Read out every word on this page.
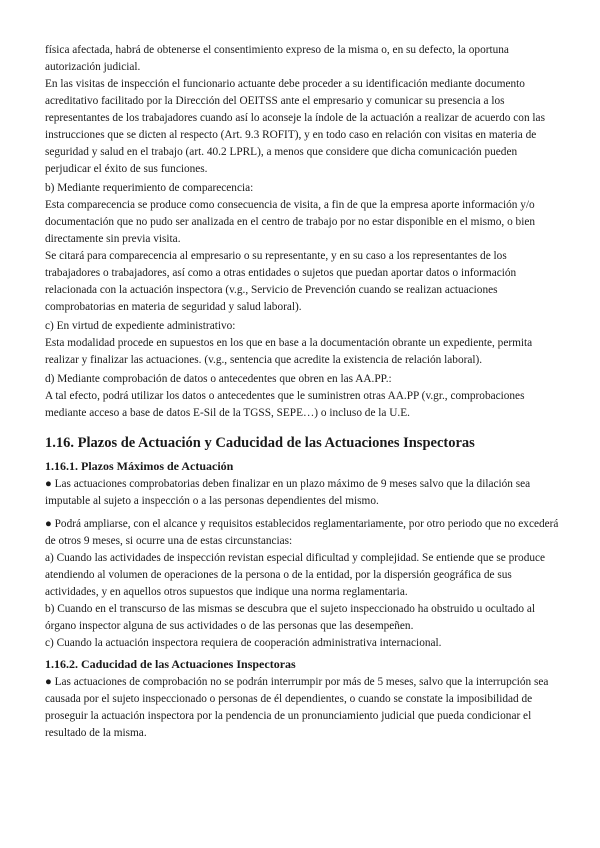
física afectada, habrá de obtenerse el consentimiento expreso de la misma o, en su defecto, la oportuna autorización judicial.

En las visitas de inspección el funcionario actuante debe proceder a su identificación mediante documento acreditativo facilitado por la Dirección del OEITSS ante el empresario y comunicar su presencia a los representantes de los trabajadores cuando así lo aconseje la índole de la actuación a realizar de acuerdo con las instrucciones que se dicten al respecto (Art. 9.3 ROFIT), y en todo caso en relación con visitas en materia de seguridad y salud en el trabajo (art. 40.2 LPRL), a menos que considere que dicha comunicación pueden perjudicar el éxito de sus funciones.

b) Mediante requerimiento de comparecencia:

Esta comparecencia se produce como consecuencia de visita, a fin de que la empresa aporte información y/o documentación que no pudo ser analizada en el centro de trabajo por no estar disponible en el mismo, o bien directamente sin previa visita.

Se citará para comparecencia al empresario o su representante, y en su caso a los representantes de los trabajadores o trabajadores, así como a otras entidades o sujetos que puedan aportar datos o información relacionada con la actuación inspectora (v.g., Servicio de Prevención cuando se realizan actuaciones comprobatorias en materia de seguridad y salud laboral).

c) En virtud de expediente administrativo:

Esta modalidad procede en supuestos en los que en base a la documentación obrante un expediente, permita realizar y finalizar las actuaciones. (v.g., sentencia que acredite la existencia de relación laboral).

d) Mediante comprobación de datos o antecedentes que obren en las AA.PP.:

A tal efecto, podrá utilizar los datos o antecedentes que le suministren otras AA.PP (v.gr., comprobaciones mediante acceso a base de datos E-Sil de la TGSS, SEPE…) o incluso de la U.E.

1.16. Plazos de Actuación y Caducidad de las Actuaciones Inspectoras
1.16.1. Plazos Máximos de Actuación

● Las actuaciones comprobatorias deben finalizar en un plazo máximo de 9 meses salvo que la dilación sea imputable al sujeto a inspección o a las personas dependientes del mismo.

● Podrá ampliarse, con el alcance y requisitos establecidos reglamentariamente, por otro periodo que no excederá de otros 9 meses, si ocurre una de estas circunstancias:

a) Cuando las actividades de inspección revistan especial dificultad y complejidad. Se entiende que se produce atendiendo al volumen de operaciones de la persona o de la entidad, por la dispersión geográfica de sus actividades, y en aquellos otros supuestos que indique una norma reglamentaria.

b) Cuando en el transcurso de las mismas se descubra que el sujeto inspeccionado ha obstruido u ocultado al órgano inspector alguna de sus actividades o de las personas que las desempeñen.

c) Cuando la actuación inspectora requiera de cooperación administrativa internacional.

1.16.2. Caducidad de las Actuaciones Inspectoras

● Las actuaciones de comprobación no se podrán interrumpir por más de 5 meses, salvo que la interrupción sea causada por el sujeto inspeccionado o personas de él dependientes, o cuando se constate la imposibilidad de proseguir la actuación inspectora por la pendencia de un pronunciamiento judicial que pueda condicionar el resultado de la misma.
